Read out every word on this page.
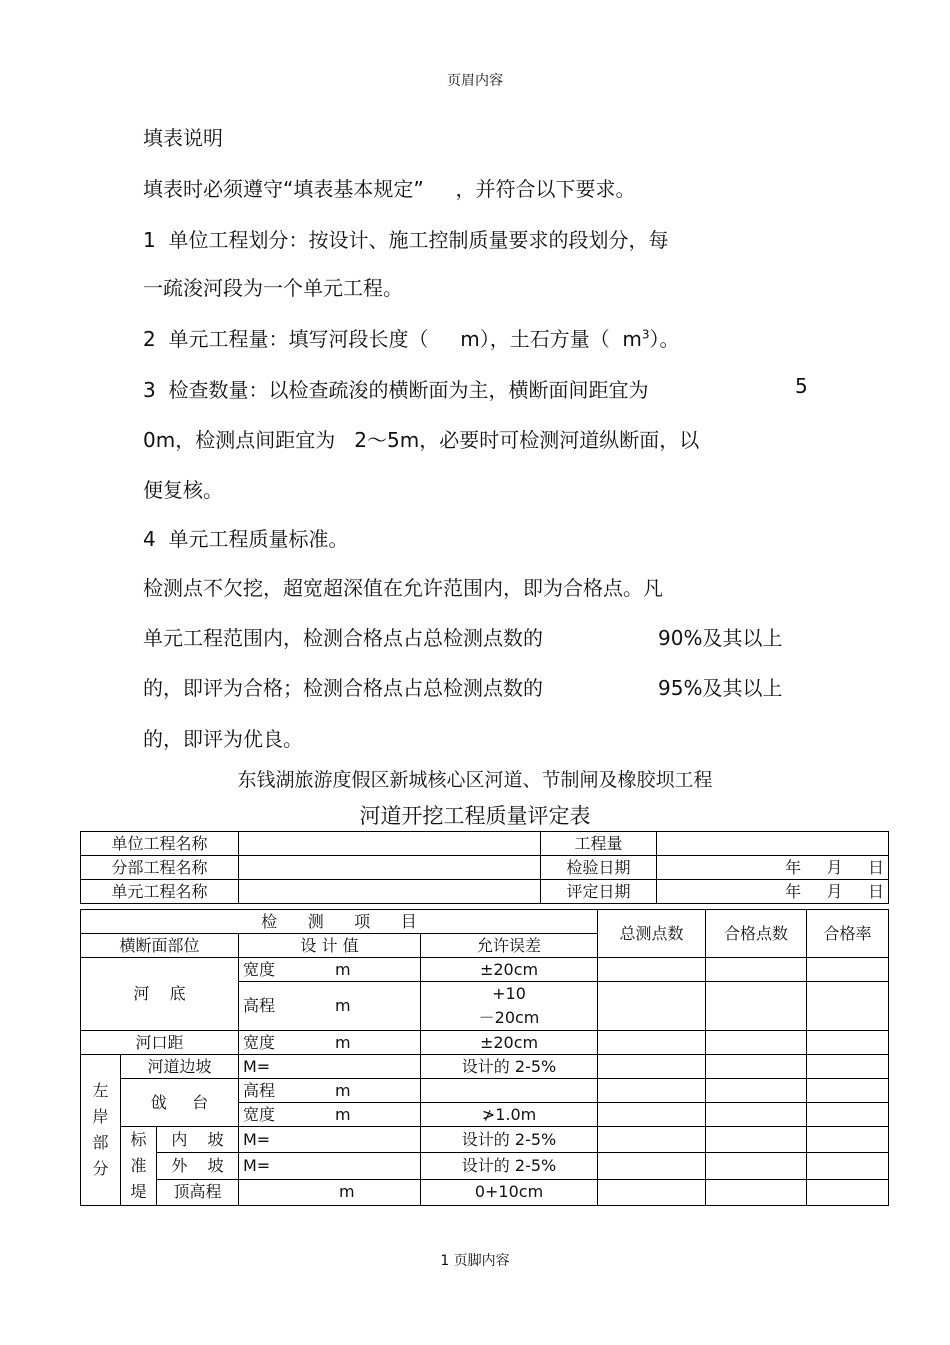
页眉内容
填表说明
填表时必须遵守“填表基本规定”     ，并符合以下要求。
1  单位工程划分：按设计、施工控制质量要求的段划分，每
一疏浚河段为一个单元工程。
2  单元工程量：填写河段长度（     m），土石方量（  $m^3$）。
3  检查数量：以检查疏浚的横断面为主，横断面间距宜为	5
0m，检测点间距宜为   2～5m，必要时可检测河道纵断面，以
便复核。
4  单元工程质量标准。
检测点不欠挖，超宽超深值在允许范围内，即为合格点。凡
单元工程范围内，检测合格点占总检测点数的	90%及其以上
的，即评为合格；检测合格点占总检测点数的	95%及其以上
的，即评为优良。
东钱湖旅游度假区新城核心区河道、节制闸及橡胶坝工程
河道开挖工程质量评定表
单位工程名称		工程量	
分部工程名称		检验日期	年     月     日
单元工程名称		评定日期	年     月     日
检      测      项      目					总测点数	合格点数	合格率
横断面部位			设 计 值	允许误差			
河    底			宽度 m	±20cm			
			高程 m	+10
－20cm			

河口距			宽度 m	±20cm			
左岸部分	河道边坡		M=	设计的 2-5%			
	戗     台		高程 m				
			宽度 m	≯1.0m			
	标准堤	内    坡	M=	设计的 2-5%			
		外    坡	M=	设计的 2-5%			
		顶高程	m	0+10cm			
1 页脚内容
